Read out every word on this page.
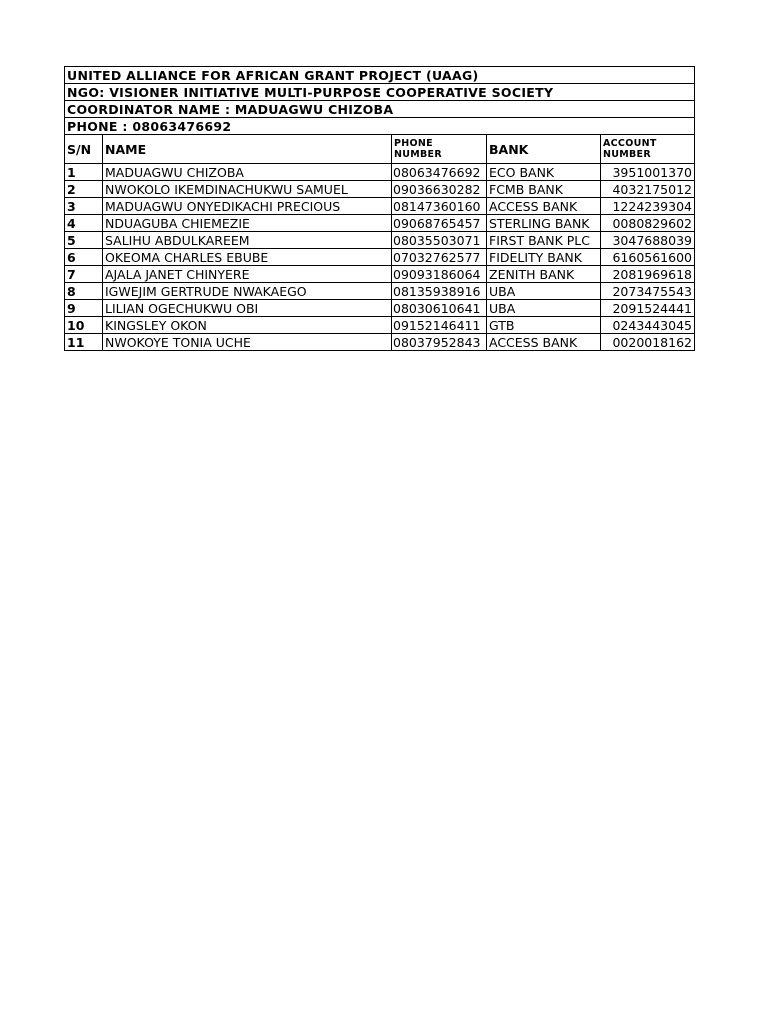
UNITED ALLIANCE FOR AFRICAN GRANT PROJECT (UAAG)				
NGO: VISIONER INITIATIVE MULTI-PURPOSE COOPERATIVE SOCIETY				
COORDINATOR NAME : MADUAGWU CHIZOBA				
PHONE : 08063476692				
S/N	NAME	PHONE NUMBER	BANK	ACCOUNT NUMBER
1	MADUAGWU CHIZOBA	08063476692	ECO BANK	3951001370
2	NWOKOLO IKEMDINACHUKWU SAMUEL	09036630282	FCMB BANK	4032175012
3	MADUAGWU ONYEDIKACHI PRECIOUS	08147360160	ACCESS BANK	1224239304
4	NDUAGUBA CHIEMEZIE	09068765457	STERLING BANK	0080829602
5	SALIHU ABDULKAREEM	08035503071	FIRST BANK PLC	3047688039
6	OKEOMA CHARLES EBUBE	07032762577	FIDELITY BANK	6160561600
7	AJALA JANET CHINYERE	09093186064	ZENITH BANK	2081969618
8	IGWEJIM GERTRUDE NWAKAEGO	08135938916	UBA	2073475543
9	LILIAN OGECHUKWU OBI	08030610641	UBA	2091524441
10	KINGSLEY OKON	09152146411	GTB	0243443045
11	NWOKOYE TONIA UCHE	08037952843	ACCESS BANK	0020018162
